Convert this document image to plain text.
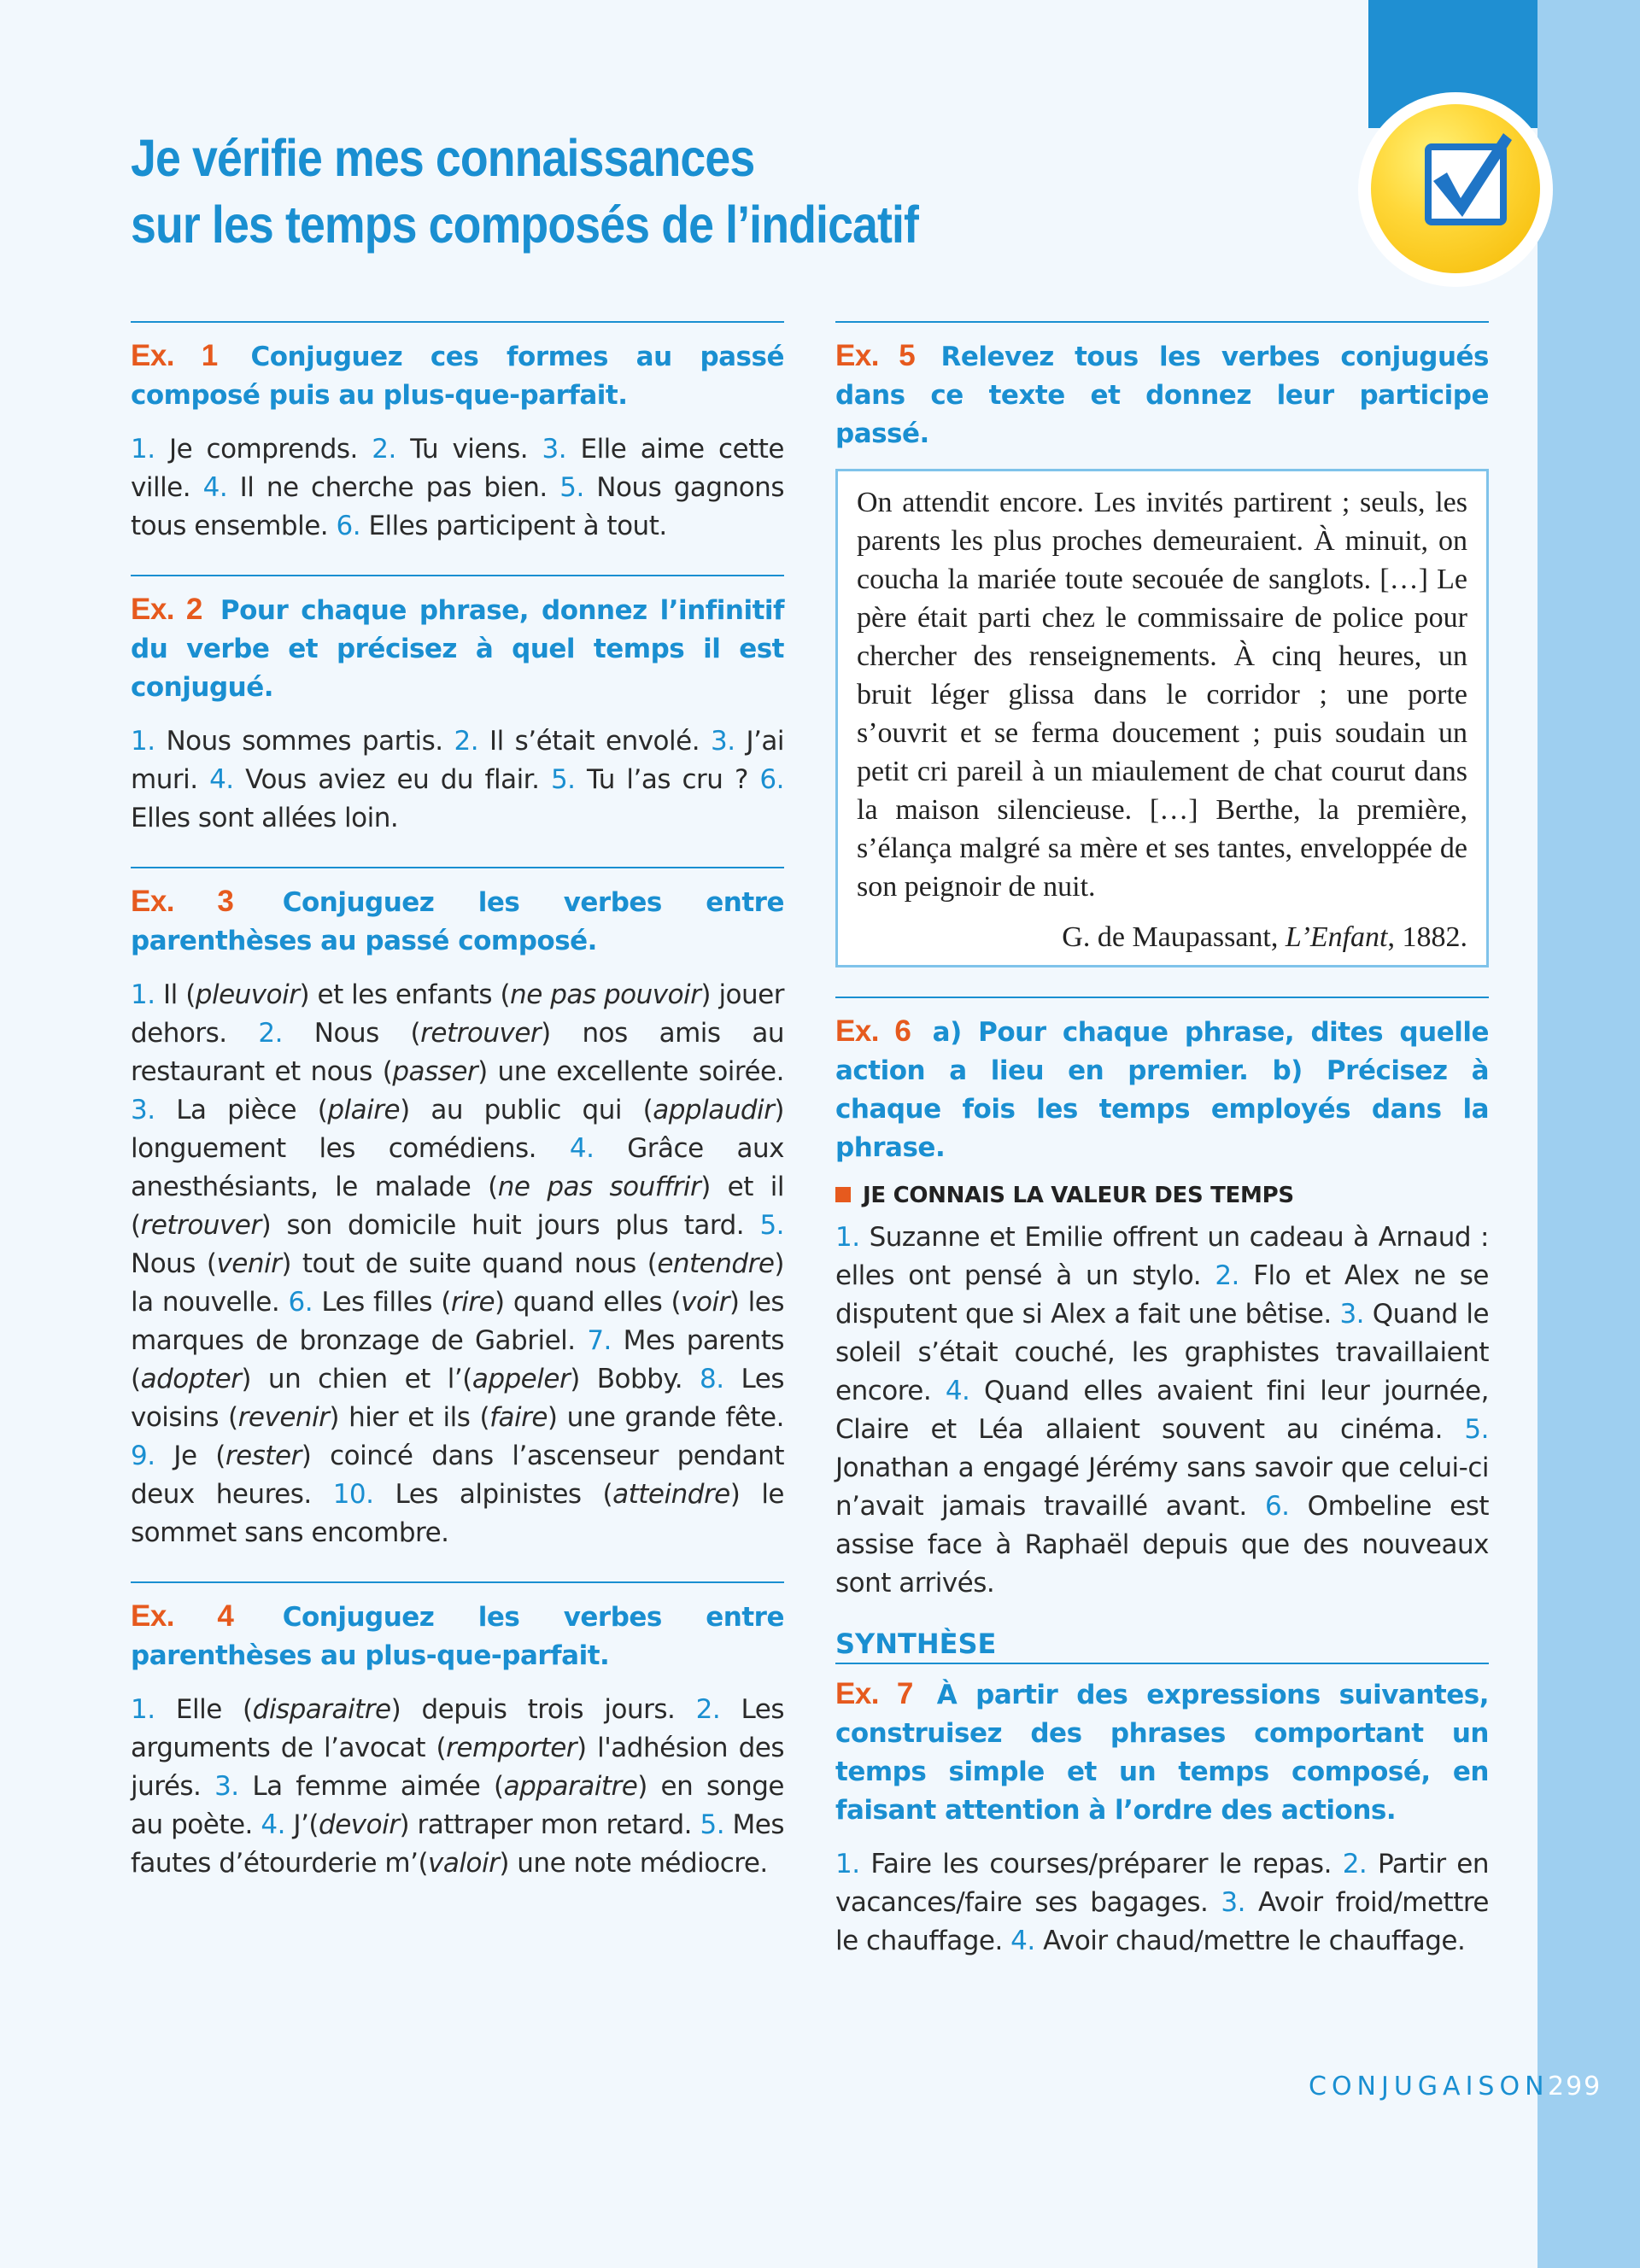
Je vérifie mes connaissances
sur les temps composés de l’indicatif
Ex. 1 Conjuguez ces formes au passé composé puis au plus-que-parfait.
1. Je comprends. 2. Tu viens. 3. Elle aime cette ville. 4. Il ne cherche pas bien. 5. Nous gagnons tous ensemble. 6. Elles participent à tout.
Ex. 2 Pour chaque phrase, donnez l’infinitif du verbe et précisez à quel temps il est conjugué.
1. Nous sommes partis. 2. Il s’était envolé. 3. J’ai muri. 4. Vous aviez eu du flair. 5. Tu l’as cru ? 6. Elles sont allées loin.
Ex. 3 Conjuguez les verbes entre parenthèses au passé composé.
1. Il (pleuvoir) et les enfants (ne pas pouvoir) jouer dehors. 2. Nous (retrouver) nos amis au restaurant et nous (passer) une excellente soirée. 3. La pièce (plaire) au public qui (applaudir) longuement les comédiens. 4. Grâce aux anesthésiants, le malade (ne pas souffrir) et il (retrouver) son domicile huit jours plus tard. 5. Nous (venir) tout de suite quand nous (entendre) la nouvelle. 6. Les filles (rire) quand elles (voir) les marques de bronzage de Gabriel. 7. Mes parents (adopter) un chien et l’(appeler) Bobby. 8. Les voisins (revenir) hier et ils (faire) une grande fête. 9. Je (rester) coincé dans l’ascenseur pendant deux heures. 10. Les alpinistes (atteindre) le sommet sans encombre.
Ex. 4 Conjuguez les verbes entre parenthèses au plus-que-parfait.
1. Elle (disparaitre) depuis trois jours. 2. Les arguments de l’avocat (remporter) l'adhésion des jurés. 3. La femme aimée (apparaitre) en songe au poète. 4. J’(devoir) rattraper mon retard. 5. Mes fautes d’étourderie m’(valoir) une note médiocre.
Ex. 5 Relevez tous les verbes conjugués dans ce texte et donnez leur participe passé.
On attendit encore. Les invités partirent ; seuls, les parents les plus proches demeuraient. À minuit, on coucha la mariée toute secouée de sanglots. […] Le père était parti chez le commissaire de police pour chercher des renseignements. À cinq heures, un bruit léger glissa dans le corridor ; une porte s’ouvrit et se ferma doucement ; puis soudain un petit cri pareil à un miaulement de chat courut dans la maison silencieuse. […] Berthe, la première, s’élança malgré sa mère et ses tantes, enveloppée de son peignoir de nuit.
G. de Maupassant, L’Enfant, 1882.
Ex. 6 a) Pour chaque phrase, dites quelle action a lieu en premier. b) Précisez à chaque fois les temps employés dans la phrase.
JE CONNAIS LA VALEUR DES TEMPS
1. Suzanne et Emilie offrent un cadeau à Arnaud : elles ont pensé à un stylo. 2. Flo et Alex ne se disputent que si Alex a fait une bêtise. 3. Quand le soleil s’était couché, les graphistes travaillaient encore. 4. Quand elles avaient fini leur journée, Claire et Léa allaient souvent au cinéma. 5. Jonathan a engagé Jérémy sans savoir que celui-ci n’avait jamais travaillé avant. 6. Ombeline est assise face à Raphaël depuis que des nouveaux sont arrivés.
SYNTHÈSE
Ex. 7 À partir des expressions suivantes, construisez des phrases comportant un temps simple et un temps composé, en faisant attention à l’ordre des actions.
1. Faire les courses/préparer le repas. 2. Partir en vacances/faire ses bagages. 3. Avoir froid/mettre le chauffage. 4. Avoir chaud/mettre le chauffage.
CONJUGAISON
299
